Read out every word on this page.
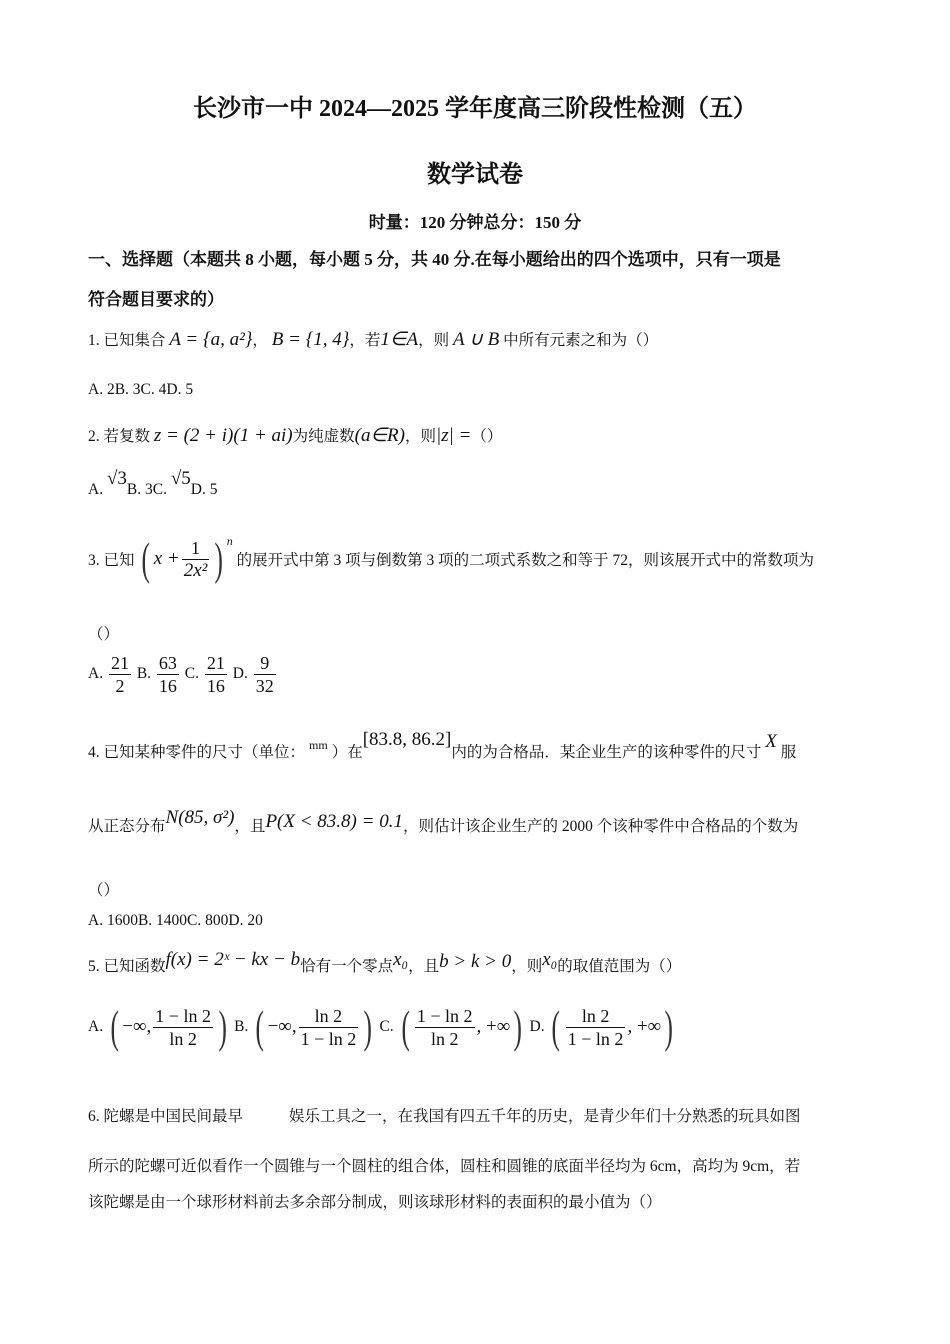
长沙市一中 2024—2025 学年度高三阶段性检测（五）
数学试卷
时量：120 分钟总分：150 分
一、选择题（本题共 8 小题，每小题 5 分，共 40 分.在每小题给出的四个选项中，只有一项是
符合题目要求的）
1. 已知集合 A = {a, a²}， B = {1, 4}，若1∈A，则 A ∪ B 中所有元素之和为（）
A. 2B. 3C. 4D. 5
2. 若复数 z = (2 + i)(1 + ai)为纯虚数(a∈R)，则|z| =（）
A. √3B. 3C. √5D. 5
3. 已知 ( $x + \frac{1}{\text{2x²}}$ ) $^n$ 的展开式中第 3 项与倒数第 3 项的二项式系数之和等于 72，则该展开式中的常数项为
（）
A. $\frac{21}{2} B$. $\frac{63}{16} C$. $\frac{21}{16} D$. $\frac{9}{32}$
4. 已知某种零件的尺寸（单位： $^{mm}$ ）在[83.8, 86.2]内的为合格品．某企业生产的该种零件的尺寸 X 服
从正态分布N(85, σ²)，且P(X < 83.8) = 0.1，则估计该企业生产的 2000 个该种零件中合格品的个数为
（）
A. 1600B. 1400C. 800D. 20
5. 已知函数f(x) = 2ˣ − kx − b恰有一个零点x₀，且b > k > 0，则x₀的取值范围为（）
A. ( −∞, $\frac{1 - \ln 2}{\ln 2}$ ) B. ( −∞, $\frac{\ln 2}{1 - \ln 2}$ ) C. ( $\frac{1 - \ln 2}{\ln 2}$ , +∞) D. ( $\frac{\ln 2}{1 - \ln 2}$ , +∞)
6. 陀螺是中国民间最早	娱乐工具之一，在我国有四五千年的历史，是青少年们十分熟悉的玩具如图
所示的陀螺可近似看作一个圆锥与一个圆柱的组合体，圆柱和圆锥的底面半径均为 6cm，高均为 9cm，若
该陀螺是由一个球形材料前去多余部分制成，则该球形材料的表面积的最小值为（）
